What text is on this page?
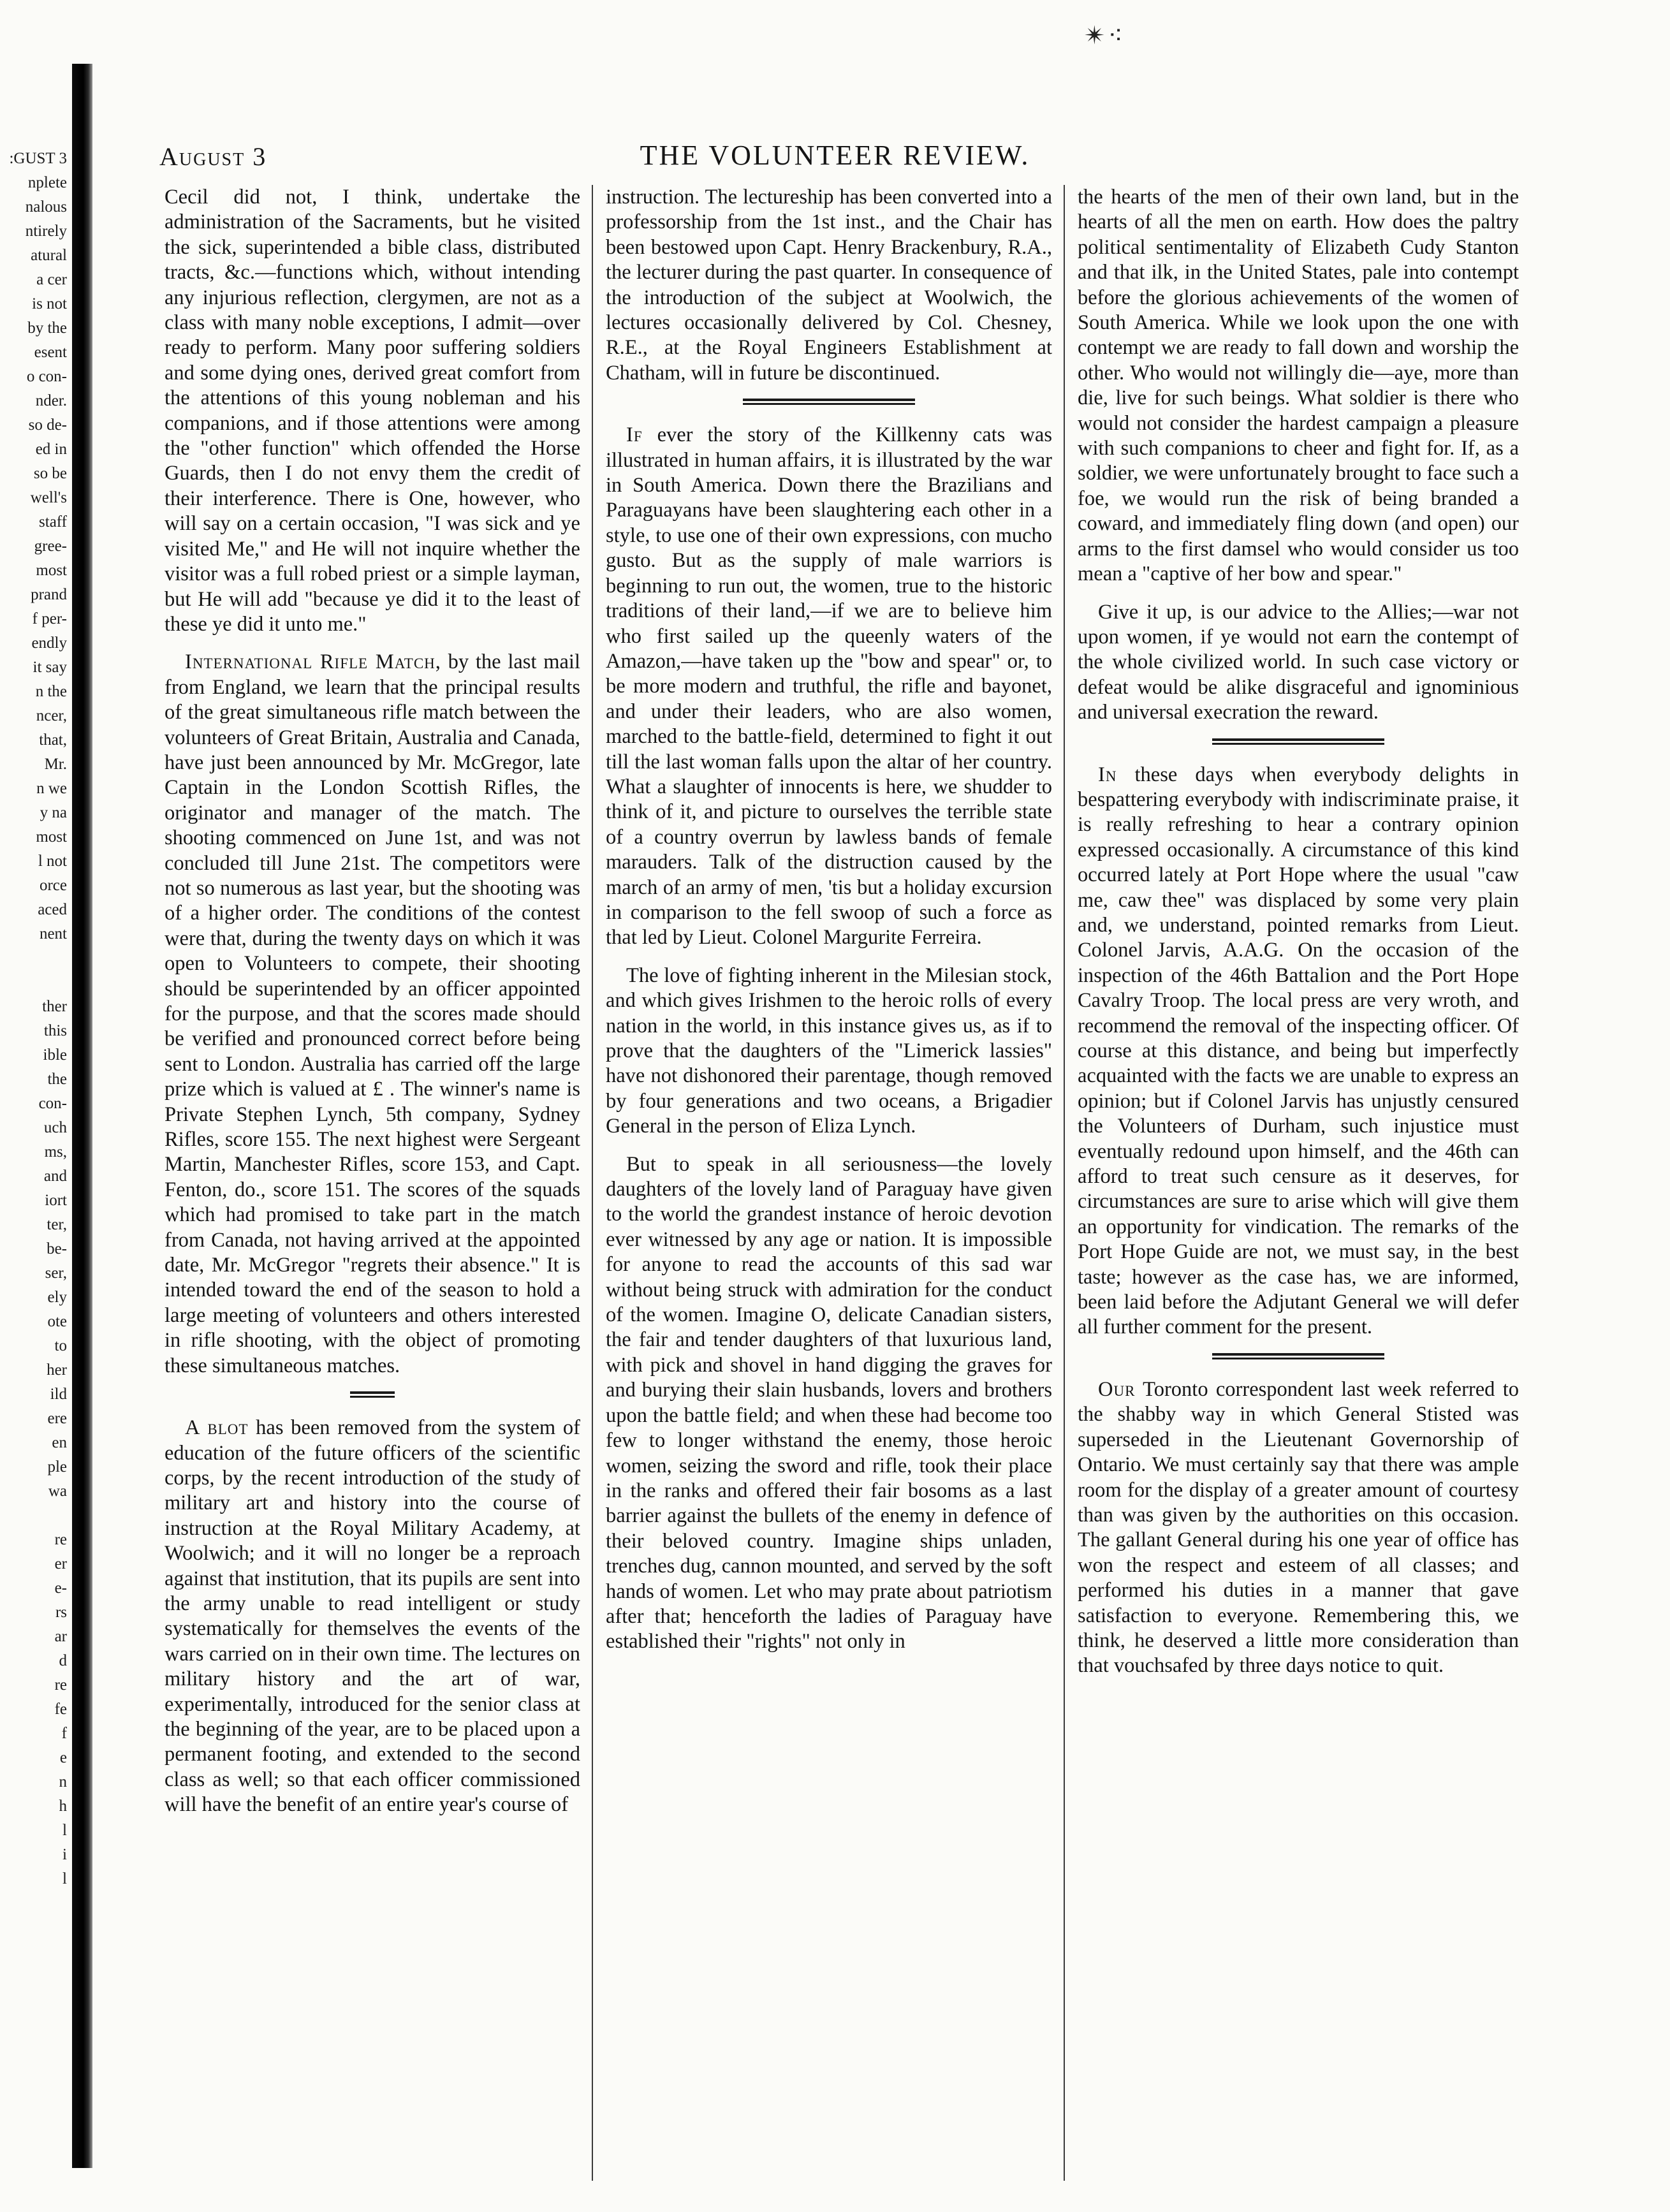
✴⁖
:GUST 3
nplete
nalous
ntirely
atural
a cer
is not
by the
esent
o con-
nder.
so de-
ed in
so be
well's
staff
gree-
most
prand
f per-
endly
it say
n the
ncer,
that,
Mr.
n we
y na
most
l not
orce
aced
nent

ther
this
ible
the
con-
uch
ms,
and
iort
ter,
be-
ser,
ely
ote
to
her
ild
ere
en
ple
wa

re
er
e-
rs
ar
d
re
fe
f
e
n
h
l
i
l
August 3	THE VOLUNTEER REVIEW.

Cecil did not, I think, undertake the administration of the Sacraments, but he visited the sick, superintended a bible class, distributed tracts, &c.—functions which, without intending any injurious reflection, clergymen, are not as a class with many noble exceptions, I admit—over ready to perform. Many poor suffering soldiers and some dying ones, derived great comfort from the attentions of this young nobleman and his companions, and if those attentions were among the "other function" which offended the Horse Guards, then I do not envy them the credit of their interference. There is One, however, who will say on a certain occasion, "I was sick and ye visited Me," and He will not inquire whether the visitor was a full robed priest or a simple layman, but He will add "because ye did it to the least of these ye did it unto me."

International Rifle Match, by the last mail from England, we learn that the principal results of the great simultaneous rifle match between the volunteers of Great Britain, Australia and Canada, have just been announced by Mr. McGregor, late Captain in the London Scottish Rifles, the originator and manager of the match. The shooting commenced on June 1st, and was not concluded till June 21st. The competitors were not so numerous as last year, but the shooting was of a higher order. The conditions of the contest were that, during the twenty days on which it was open to Volunteers to compete, their shooting should be superintended by an officer appointed for the purpose, and that the scores made should be verified and pronounced correct before being sent to London. Australia has carried off the large prize which is valued at £ . The winner's name is Private Stephen Lynch, 5th company, Sydney Rifles, score 155. The next highest were Sergeant Martin, Manchester Rifles, score 153, and Capt. Fenton, do., score 151. The scores of the squads which had promised to take part in the match from Canada, not having arrived at the appointed date, Mr. McGregor "regrets their absence." It is intended toward the end of the season to hold a large meeting of volunteers and others interested in rifle shooting, with the object of promoting these simultaneous matches.

A blot has been removed from the system of education of the future officers of the scientific corps, by the recent introduction of the study of military art and history into the course of instruction at the Royal Military Academy, at Woolwich; and it will no longer be a reproach against that institution, that its pupils are sent into the army unable to read intelligent or study systematically for themselves the events of the wars carried on in their own time. The lectures on military history and the art of war, experimentally, introduced for the senior class at the beginning of the year, are to be placed upon a permanent footing, and extended to the second class as well; so that each officer commissioned will have the benefit of an entire year's course of

instruction. The lectureship has been converted into a professorship from the 1st inst., and the Chair has been bestowed upon Capt. Henry Brackenbury, R.A., the lecturer during the past quarter. In consequence of the introduction of the subject at Woolwich, the lectures occasionally delivered by Col. Chesney, R.E., at the Royal Engineers Establishment at Chatham, will in future be discontinued.

If ever the story of the Killkenny cats was illustrated in human affairs, it is illustrated by the war in South America. Down there the Brazilians and Paraguayans have been slaughtering each other in a style, to use one of their own expressions, con mucho gusto. But as the supply of male warriors is beginning to run out, the women, true to the historic traditions of their land,—if we are to believe him who first sailed up the queenly waters of the Amazon,—have taken up the "bow and spear" or, to be more modern and truthful, the rifle and bayonet, and under their leaders, who are also women, marched to the battle-field, determined to fight it out till the last woman falls upon the altar of her country. What a slaughter of innocents is here, we shudder to think of it, and picture to ourselves the terrible state of a country overrun by lawless bands of female marauders. Talk of the distruction caused by the march of an army of men, 'tis but a holiday excursion in comparison to the fell swoop of such a force as that led by Lieut. Colonel Margurite Ferreira.

The love of fighting inherent in the Milesian stock, and which gives Irishmen to the heroic rolls of every nation in the world, in this instance gives us, as if to prove that the daughters of the "Limerick lassies" have not dishonored their parentage, though removed by four generations and two oceans, a Brigadier General in the person of Eliza Lynch.

But to speak in all seriousness—the lovely daughters of the lovely land of Paraguay have given to the world the grandest instance of heroic devotion ever witnessed by any age or nation. It is impossible for anyone to read the accounts of this sad war without being struck with admiration for the conduct of the women. Imagine O, delicate Canadian sisters, the fair and tender daughters of that luxurious land, with pick and shovel in hand digging the graves for and burying their slain husbands, lovers and brothers upon the battle field; and when these had become too few to longer withstand the enemy, those heroic women, seizing the sword and rifle, took their place in the ranks and offered their fair bosoms as a last barrier against the bullets of the enemy in defence of their beloved country. Imagine ships unladen, trenches dug, cannon mounted, and served by the soft hands of women. Let who may prate about patriotism after that; henceforth the ladies of Paraguay have established their "rights" not only in

the hearts of the men of their own land, but in the hearts of all the men on earth. How does the paltry political sentimentality of Elizabeth Cudy Stanton and that ilk, in the United States, pale into contempt before the glorious achievements of the women of South America. While we look upon the one with contempt we are ready to fall down and worship the other. Who would not willingly die—aye, more than die, live for such beings. What soldier is there who would not consider the hardest campaign a pleasure with such companions to cheer and fight for. If, as a soldier, we were unfortunately brought to face such a foe, we would run the risk of being branded a coward, and immediately fling down (and open) our arms to the first damsel who would consider us too mean a "captive of her bow and spear."

Give it up, is our advice to the Allies;—war not upon women, if ye would not earn the contempt of the whole civilized world. In such case victory or defeat would be alike disgraceful and ignominious and universal execration the reward.

In these days when everybody delights in bespattering everybody with indiscriminate praise, it is really refreshing to hear a contrary opinion expressed occasionally. A circumstance of this kind occurred lately at Port Hope where the usual "caw me, caw thee" was displaced by some very plain and, we understand, pointed remarks from Lieut. Colonel Jarvis, A.A.G. On the occasion of the inspection of the 46th Battalion and the Port Hope Cavalry Troop. The local press are very wroth, and recommend the removal of the inspecting officer. Of course at this distance, and being but imperfectly acquainted with the facts we are unable to express an opinion; but if Colonel Jarvis has unjustly censured the Volunteers of Durham, such injustice must eventually redound upon himself, and the 46th can afford to treat such censure as it deserves, for circumstances are sure to arise which will give them an opportunity for vindication. The remarks of the Port Hope Guide are not, we must say, in the best taste; however as the case has, we are informed, been laid before the Adjutant General we will defer all further comment for the present.

Our Toronto correspondent last week referred to the shabby way in which General Stisted was superseded in the Lieutenant Governorship of Ontario. We must certainly say that there was ample room for the display of a greater amount of courtesy than was given by the authorities on this occasion. The gallant General during his one year of office has won the respect and esteem of all classes; and performed his duties in a manner that gave satisfaction to everyone. Remembering this, we think, he deserved a little more consideration than that vouchsafed by three days notice to quit.
